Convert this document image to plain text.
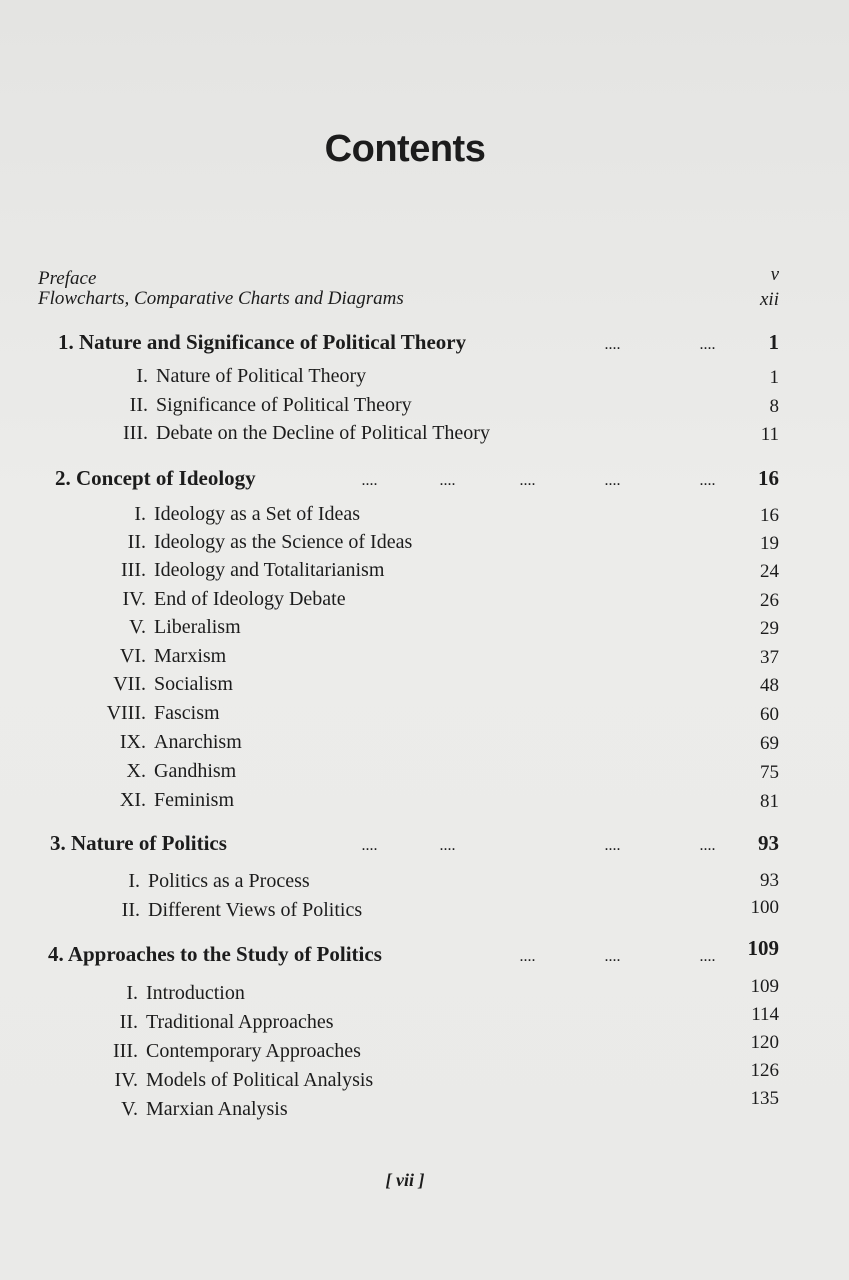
Contents
Preface	v
Flowcharts, Comparative Charts and Diagrams	xii
1. Nature and Significance of Political Theory	....	....	1
I. Nature of Political Theory	1
II. Significance of Political Theory	8
III. Debate on the Decline of Political Theory	11
2. Concept of Ideology	....	....	....	....	.... 16
I. Ideology as a Set of Ideas	16
II. Ideology as the Science of Ideas	19
III. Ideology and Totalitarianism	24
IV. End of Ideology Debate	26
V. Liberalism	29
VI. Marxism	37
VII. Socialism	48
VIII. Fascism	60
IX. Anarchism	69
X. Gandhism	75
XI. Feminism	81
3. Nature of Politics	....	....	....	.... 93
I. Politics as a Process	93
II. Different Views of Politics	100
4. Approaches to the Study of Politics	....	....	.... 109
I. Introduction	109
II. Traditional Approaches	114
III. Contemporary Approaches	120
IV. Models of Political Analysis	126
V. Marxian Analysis	135
[ vii ]
